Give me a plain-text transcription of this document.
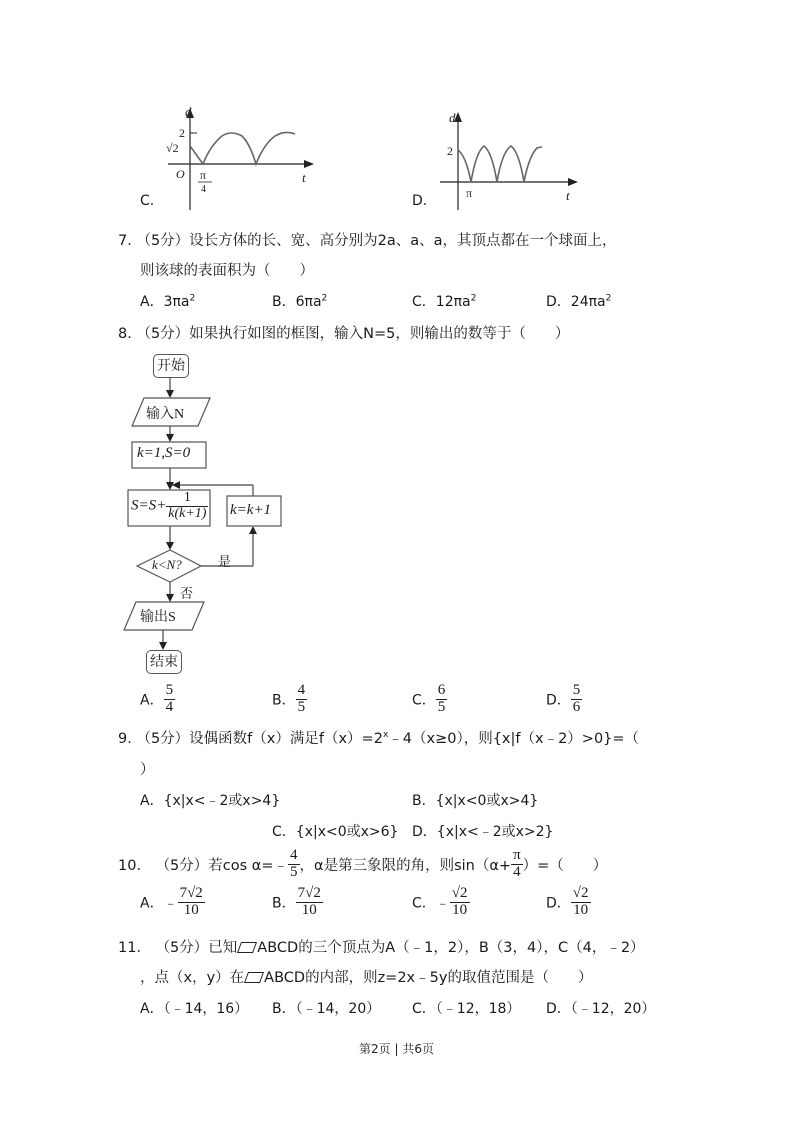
C.
d
t
O
2
√2
π
4
D.
d
t
2
π
7. （5分）设长方体的长、宽、高分别为2a、a、a，其顶点都在一个球面上，
则该球的表面积为（　　）
A．$3\pi a^2$	B．$6\pi a^2$	C．$12\pi a^2$	D．$24\pi a^2$
8. （5分）如果执行如图的框图，输入N=5，则输出的数等于（　　）
开始
输入N
k=1,S=0
$S=S+ \frac{1}{k(k+1)} k=k+1$
k<N?	是
否
输出S
结束
A． $\frac{5}{4}$	B． $\frac{4}{5}$	C． $\frac{6}{5}$	D． $\frac{5}{6}$
9. （5分）设偶函数f（x）满足$f(x)=2^x﹣4(x\ge 0)$，则{x|f（x﹣2）>0}=（
）
A．{x|x<﹣2或x>4}	B．{x|x<0或x>4}
C．{x|x<0或x>6} D．{x|x<﹣2或x>2}
10． （5分）若cos α=﹣ $\frac{4}{5}$ ，α是第三象限的角，则$\sin(\alpha+ \frac{\pi}{4}$ ）=（　　）
A．﹣ $\frac{7√2}{10}$	B． $\frac{7√2}{10}$	C．﹣ $\frac{√2}{10}$	D． $\frac{√2}{10}$
11． （5分）已知 ABCD的三个顶点为A（﹣1，2），B（3，4），C（4，﹣2）
，点（x，y）在 ABCD的内部，则z=2x﹣5y的取值范围是（　　）
A．（﹣14，16） B．（﹣14，20） C．（﹣12，18） D．（﹣12，20）
第2页 | 共6页
